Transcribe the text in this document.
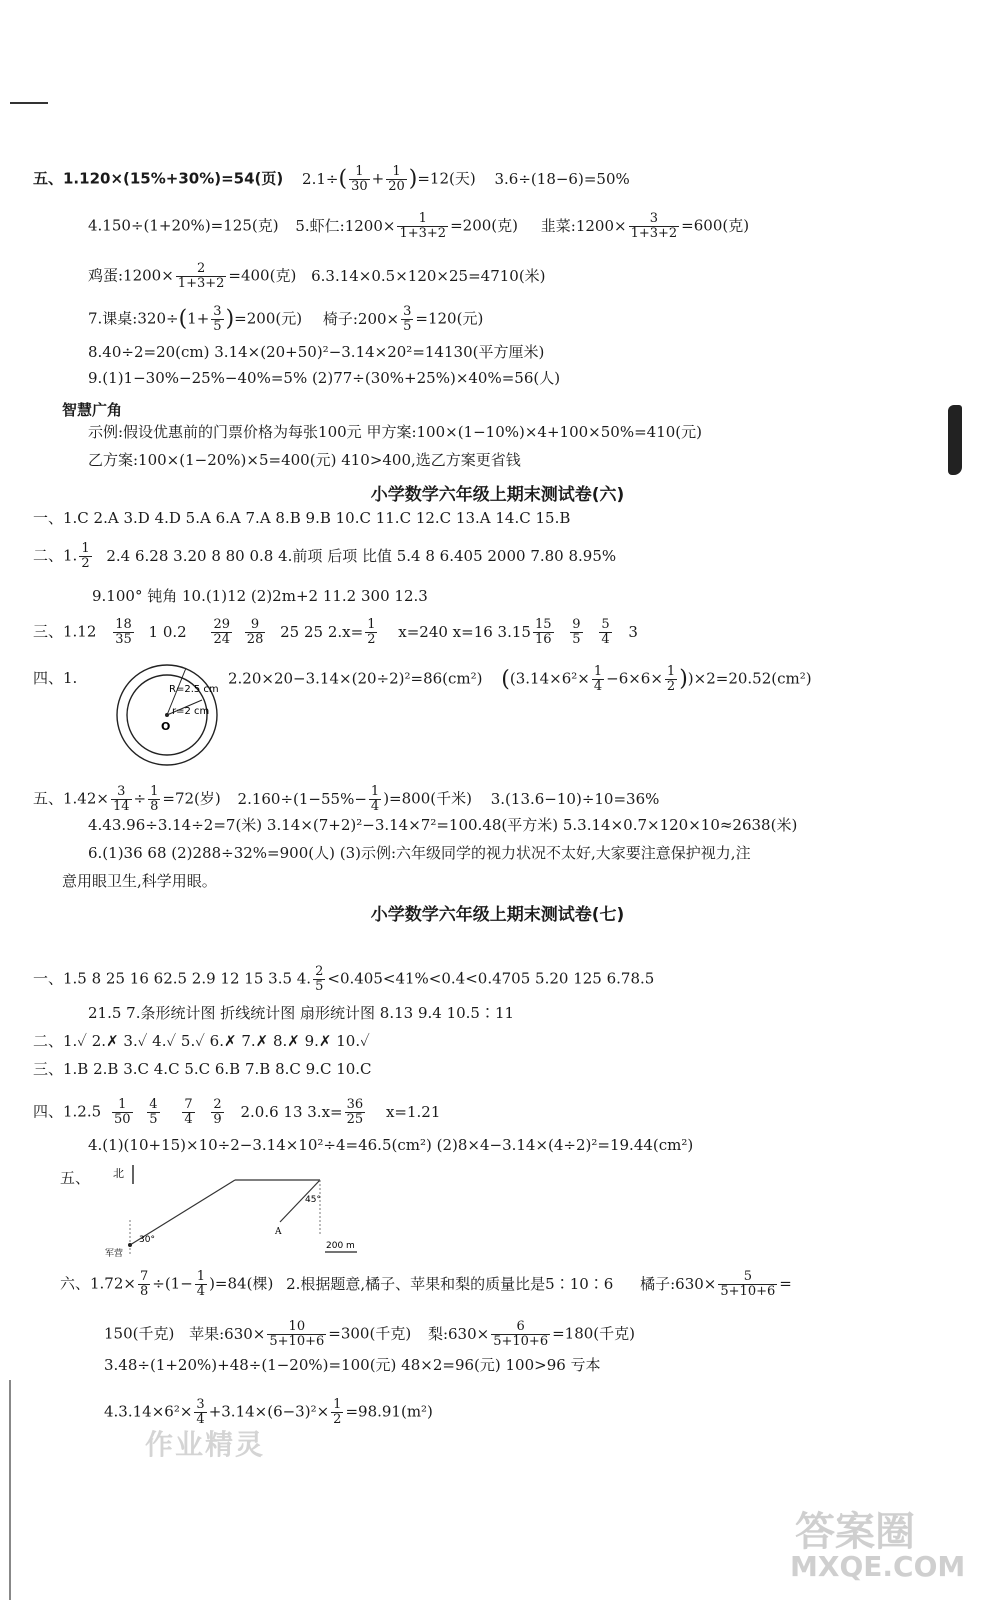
五、1.120×(15%+30%)=54(页) $2.1\div( \frac{1}{30} + \frac{1}{20} )=12$(天) 3.6÷(18−6)=50%
4.150÷(1+20%)=125(克) 5.虾仁:1200× $\frac{1}{1+3+2} =200$(克) 韭菜:1200× $\frac{3}{1+3+2} =600$(克)
鸡蛋:1200× $\frac{2}{1+3+2} =400$(克) 6.3.14×0.5×120×25=4710(米)
7.课桌:320÷(1+ $\frac{3}{5} )=200$(元) 椅子:200× $\frac{3}{5} =120$(元)
8.40÷2=20(cm) 3.14×(20+50)²−3.14×20²=14130(平方厘米)
9.(1)1−30%−25%−40%=5% (2)77÷(30%+25%)×40%=56(人)
智慧广角
示例:假设优惠前的门票价格为每张100元 甲方案:100×(1−10%)×4+100×50%=410(元)
乙方案:100×(1−20%)×5=400(元) 410>400,选乙方案更省钱
小学数学六年级上期末测试卷(六)
一、1.C 2.A 3.D 4.D 5.A 6.A 7.A 8.B 9.B 10.C 11.C 12.C 13.A 14.C 15.B
二、1. $\frac{1}{2} 2.4$ 6.28 3.20 8 80 0.8 4.前项 后项 比值 5.4 8 6.405 2000 7.80 8.95%
9.100° 钝角 10.(1)12 (2)2m+2 11.2 300 12.3
三、$1.12 \frac{18}{35} 1$ $0.2 \frac{29}{24}$
$\frac{9}{28} 25$ 25 $2.x= \frac{1}{2} x=240$ x=16 $3.15 \frac{15}{16}$
$\frac{9}{5}$
$\frac{5}{4} 3$
四、1.
R=2.5 cm
r=2 cm
O
2.20×20−3.14×(20÷2)²=86(cm²) $((3.14\times 6^2\times \frac{1}{4} -6\times 6\times \frac{1}{2} ))\times 2=20.52(cm^2)$
五、$1.42\times \frac{3}{14} \div \frac{1}{8} =72$(岁) $2.160\div(1-55\%- \frac{1}{4} )=800$(千米) 3.(13.6−10)÷10=36%
4.43.96÷3.14÷2=7(米) 3.14×(7+2)²−3.14×7²=100.48(平方米) 5.3.14×0.7×120×10≈2638(米)
6.(1)36 68 (2)288÷32%=900(人) (3)示例:六年级同学的视力状况不太好,大家要注意保护视力,注
意用眼卫生,科学用眼。
小学数学六年级上期末测试卷(七)
一、1.5 8 25 16 62.5 2.9 12 15 3.5 4. $\frac{2}{5}$ <0.405<41%<0.4̇<0.4705 5.20 125 6.78.5
21.5 7.条形统计图 折线统计图 扇形统计图 8.13 9.4 10.5∶11
二、1.✓ 2.✗ 3.✓ 4.✓ 5.✓ 6.✗ 7.✗ 8.✗ 9.✗ 10.✓
三、1.B 2.B 3.C 4.C 5.C 6.B 7.B 8.C 9.C 10.C
四、$1.2.5 \frac{1}{50}$
$\frac{4}{5}$
$\frac{7}{4}$
$\frac{2}{9} 2.0.6$ 13 $3.x= \frac{36}{25} x=1.21$
4.(1)(10+15)×10÷2−3.14×10²÷4=46.5(cm²) (2)8×4−3.14×(4÷2)²=19.44(cm²)
五、 北
30°
45°
军营
A
200 m
六、$1.72\times \frac{7}{8} \div(1- \frac{1}{4} )=84$(棵) 2.根据题意,橘子、苹果和梨的质量比是5∶10∶6 橘子:630× $\frac{5}{5+10+6}$ =
150(千克) 苹果:630× $\frac{10}{5+10+6} =300$(千克) 梨:630× $\frac{6}{5+10+6} =180$(千克)
3.48÷(1+20%)+48÷(1−20%)=100(元) 48×2=96(元) 100>96 亏本
$4.3.14\times 6^2\times \frac{3}{4} +3.14\times(6-3)^2\times \frac{1}{2} =98.91(m^2)$
作业精灵
答案圈
MXQE.COM
